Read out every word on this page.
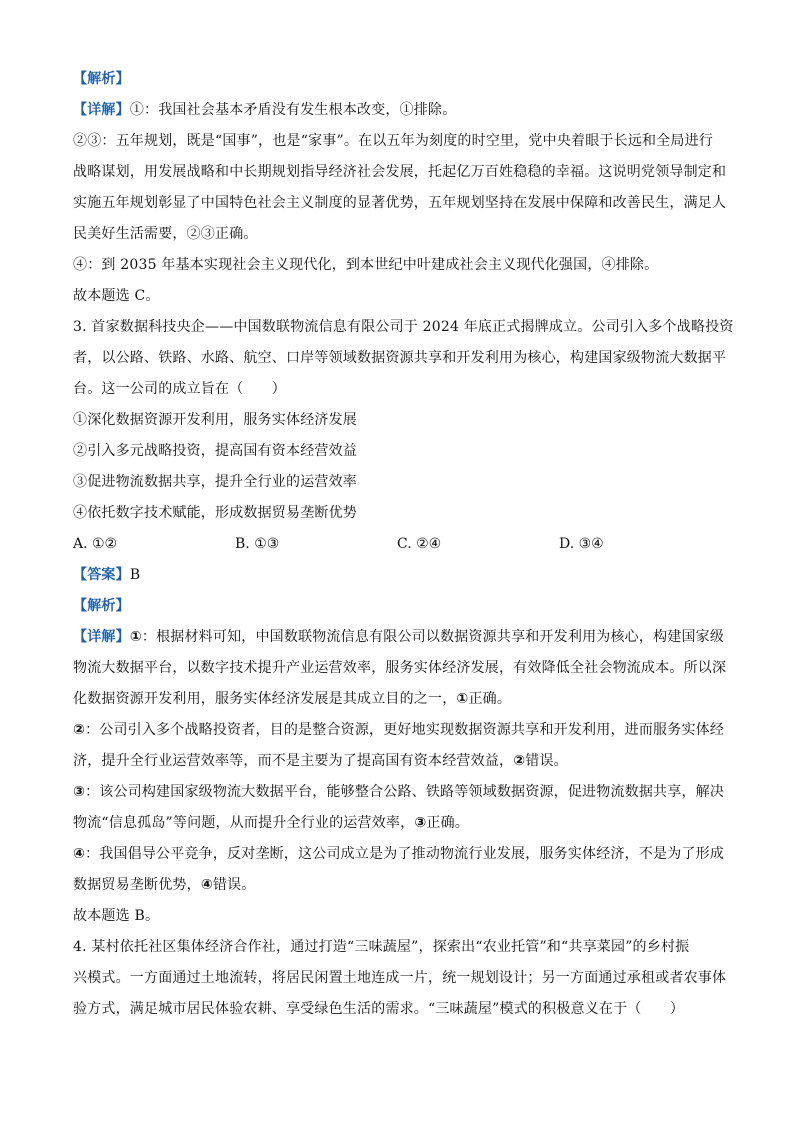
【解析】
【详解】①：我国社会基本矛盾没有发生根本改变，①排除。
②③：五年规划，既是“国事”，也是“家事”。在以五年为刻度的时空里，党中央着眼于长远和全局进行
战略谋划，用发展战略和中长期规划指导经济社会发展，托起亿万百姓稳稳的幸福。这说明党领导制定和
实施五年规划彰显了中国特色社会主义制度的显著优势，五年规划坚持在发展中保障和改善民生，满足人
民美好生活需要，②③正确。
④：到 2035 年基本实现社会主义现代化，到本世纪中叶建成社会主义现代化强国，④排除。
故本题选 C。
3. 首家数据科技央企——中国数联物流信息有限公司于 2024 年底正式揭牌成立。公司引入多个战略投资
者，以公路、铁路、水路、航空、口岸等领域数据资源共享和开发利用为核心，构建国家级物流大数据平
台。这一公司的成立旨在（　　）
①深化数据资源开发利用，服务实体经济发展
②引入多元战略投资，提高国有资本经营效益
③促进物流数据共享，提升全行业的运营效率
④依托数字技术赋能，形成数据贸易垄断优势
A. ①②	B. ①③	C. ②④	D. ③④
【答案】B
【解析】
【详解】①：根据材料可知，中国数联物流信息有限公司以数据资源共享和开发利用为核心，构建国家级
物流大数据平台，以数字技术提升产业运营效率，服务实体经济发展，有效降低全社会物流成本。所以深
化数据资源开发利用，服务实体经济发展是其成立目的之一，①正确。
②：公司引入多个战略投资者，目的是整合资源，更好地实现数据资源共享和开发利用，进而服务实体经
济，提升全行业运营效率等，而不是主要为了提高国有资本经营效益，②错误。
③：该公司构建国家级物流大数据平台，能够整合公路、铁路等领域数据资源，促进物流数据共享，解决
物流“信息孤岛”等问题，从而提升全行业的运营效率，③正确。
④：我国倡导公平竞争，反对垄断，这公司成立是为了推动物流行业发展，服务实体经济，不是为了形成
数据贸易垄断优势，④错误。
故本题选 B。
4. 某村依托社区集体经济合作社，通过打造“三味蔬屋”，探索出“农业托管”和“共享菜园”的乡村振
兴模式。一方面通过土地流转，将居民闲置土地连成一片，统一规划设计；另一方面通过承租或者农事体
验方式，满足城市居民体验农耕、享受绿色生活的需求。“三味蔬屋”模式的积极意义在于（　　）
